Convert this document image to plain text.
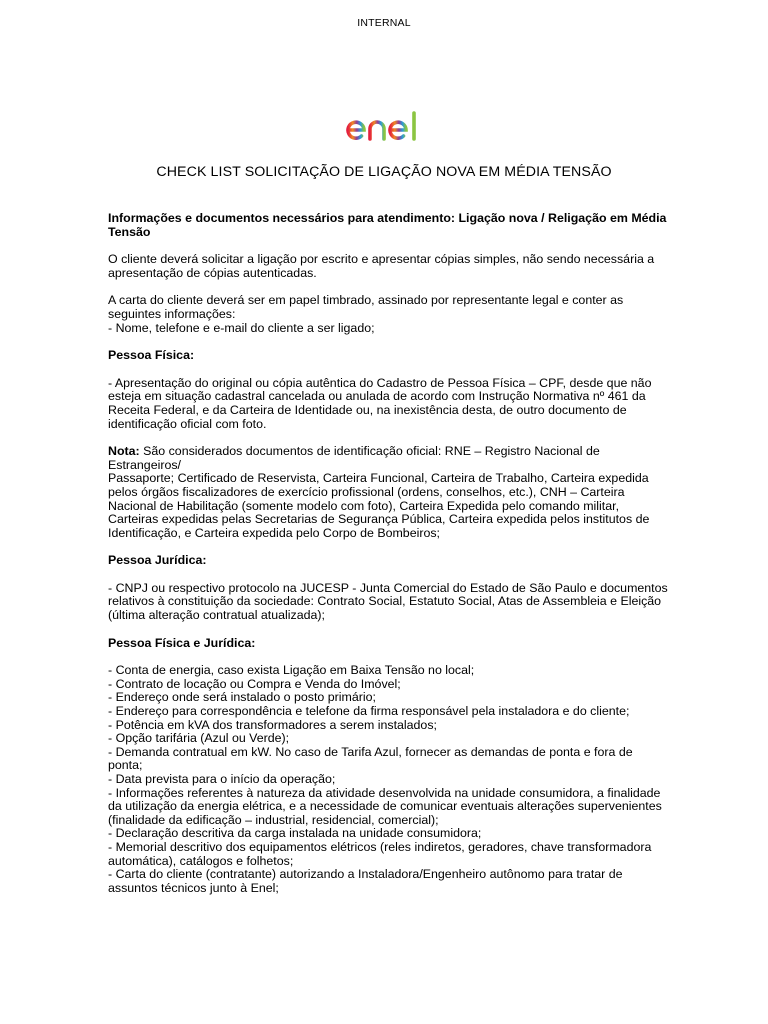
INTERNAL
CHECK LIST SOLICITAÇÃO DE LIGAÇÃO NOVA EM MÉDIA TENSÃO
Informações e documentos necessários para atendimento: Ligação nova / Religação em Média Tensão
O cliente deverá solicitar a ligação por escrito e apresentar cópias simples, não sendo necessária a apresentação de cópias autenticadas.
A carta do cliente deverá ser em papel timbrado, assinado por representante legal e conter as seguintes informações:
- Nome, telefone e e-mail do cliente a ser ligado;
Pessoa Física:
- Apresentação do original ou cópia autêntica do Cadastro de Pessoa Física – CPF, desde que não esteja em situação cadastral cancelada ou anulada de acordo com Instrução Normativa nº 461 da Receita Federal, e da Carteira de Identidade ou, na inexistência desta, de outro documento de identificação oficial com foto.
Nota: São considerados documentos de identificação oficial: RNE – Registro Nacional de Estrangeiros/
Passaporte; Certificado de Reservista, Carteira Funcional, Carteira de Trabalho, Carteira expedida pelos órgãos fiscalizadores de exercício profissional (ordens, conselhos, etc.), CNH – Carteira Nacional de Habilitação (somente modelo com foto), Carteira Expedida pelo comando militar, Carteiras expedidas pelas Secretarias de Segurança Pública, Carteira expedida pelos institutos de Identificação, e Carteira expedida pelo Corpo de Bombeiros;
Pessoa Jurídica:
- CNPJ ou respectivo protocolo na JUCESP - Junta Comercial do Estado de São Paulo e documentos relativos à constituição da sociedade: Contrato Social, Estatuto Social, Atas de Assembleia e Eleição (última alteração contratual atualizada);
Pessoa Física e Jurídica:
- Conta de energia, caso exista Ligação em Baixa Tensão no local;
- Contrato de locação ou Compra e Venda do Imóvel;
- Endereço onde será instalado o posto primário;
- Endereço para correspondência e telefone da firma responsável pela instaladora e do cliente;
- Potência em kVA dos transformadores a serem instalados;
- Opção tarifária (Azul ou Verde);
- Demanda contratual em kW. No caso de Tarifa Azul, fornecer as demandas de ponta e fora de ponta;
- Data prevista para o início da operação;
- Informações referentes à natureza da atividade desenvolvida na unidade consumidora, a finalidade da utilização da energia elétrica, e a necessidade de comunicar eventuais alterações supervenientes (finalidade da edificação – industrial, residencial, comercial);
- Declaração descritiva da carga instalada na unidade consumidora;
- Memorial descritivo dos equipamentos elétricos (reles indiretos, geradores, chave transformadora automática), catálogos e folhetos;
- Carta do cliente (contratante) autorizando a Instaladora/Engenheiro autônomo para tratar de assuntos técnicos junto à Enel;
